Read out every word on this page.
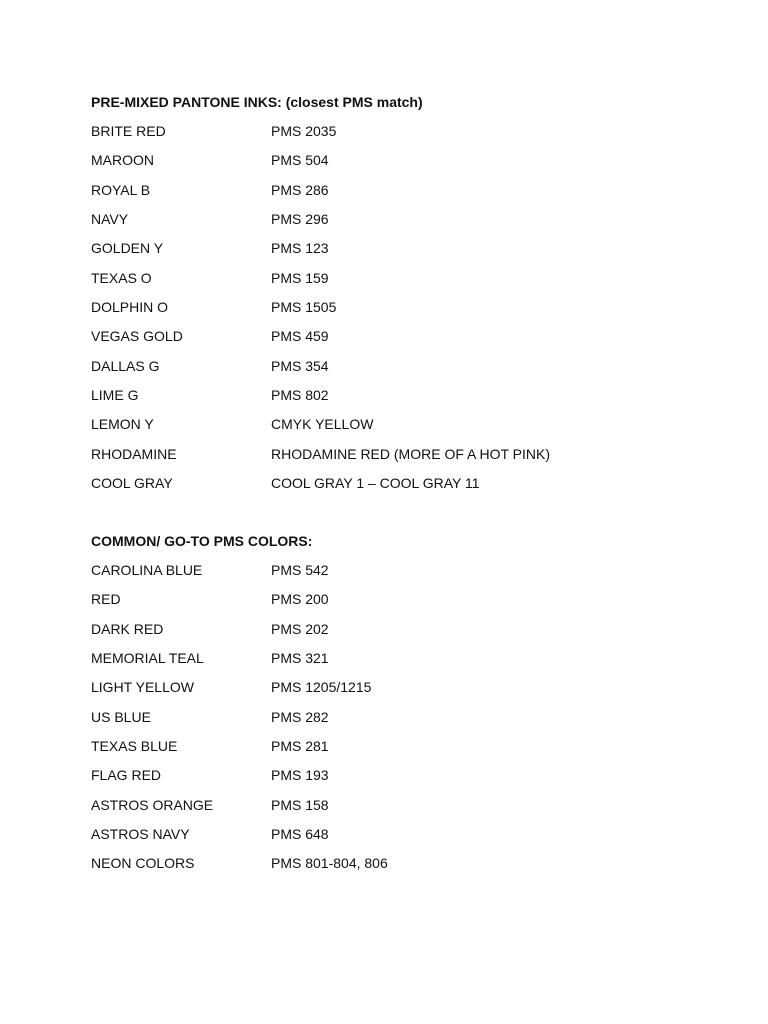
PRE-MIXED PANTONE INKS: (closest PMS match)
BRITE RED	PMS 2035
MAROON	PMS 504
ROYAL B	PMS 286
NAVY	PMS 296
GOLDEN Y	PMS 123
TEXAS O	PMS 159
DOLPHIN O	PMS 1505
VEGAS GOLD	PMS 459
DALLAS G	PMS 354
LIME G	PMS 802
LEMON Y	CMYK YELLOW
RHODAMINE	RHODAMINE RED (MORE OF A HOT PINK)
COOL GRAY	COOL GRAY 1 – COOL GRAY 11
COMMON/ GO-TO PMS COLORS:
CAROLINA BLUE	PMS 542
RED	PMS 200
DARK RED	PMS 202
MEMORIAL TEAL	PMS 321
LIGHT YELLOW	PMS 1205/1215
US BLUE	PMS 282
TEXAS BLUE	PMS 281
FLAG RED	PMS 193
ASTROS ORANGE	PMS 158
ASTROS NAVY	PMS 648
NEON COLORS	PMS 801-804, 806
